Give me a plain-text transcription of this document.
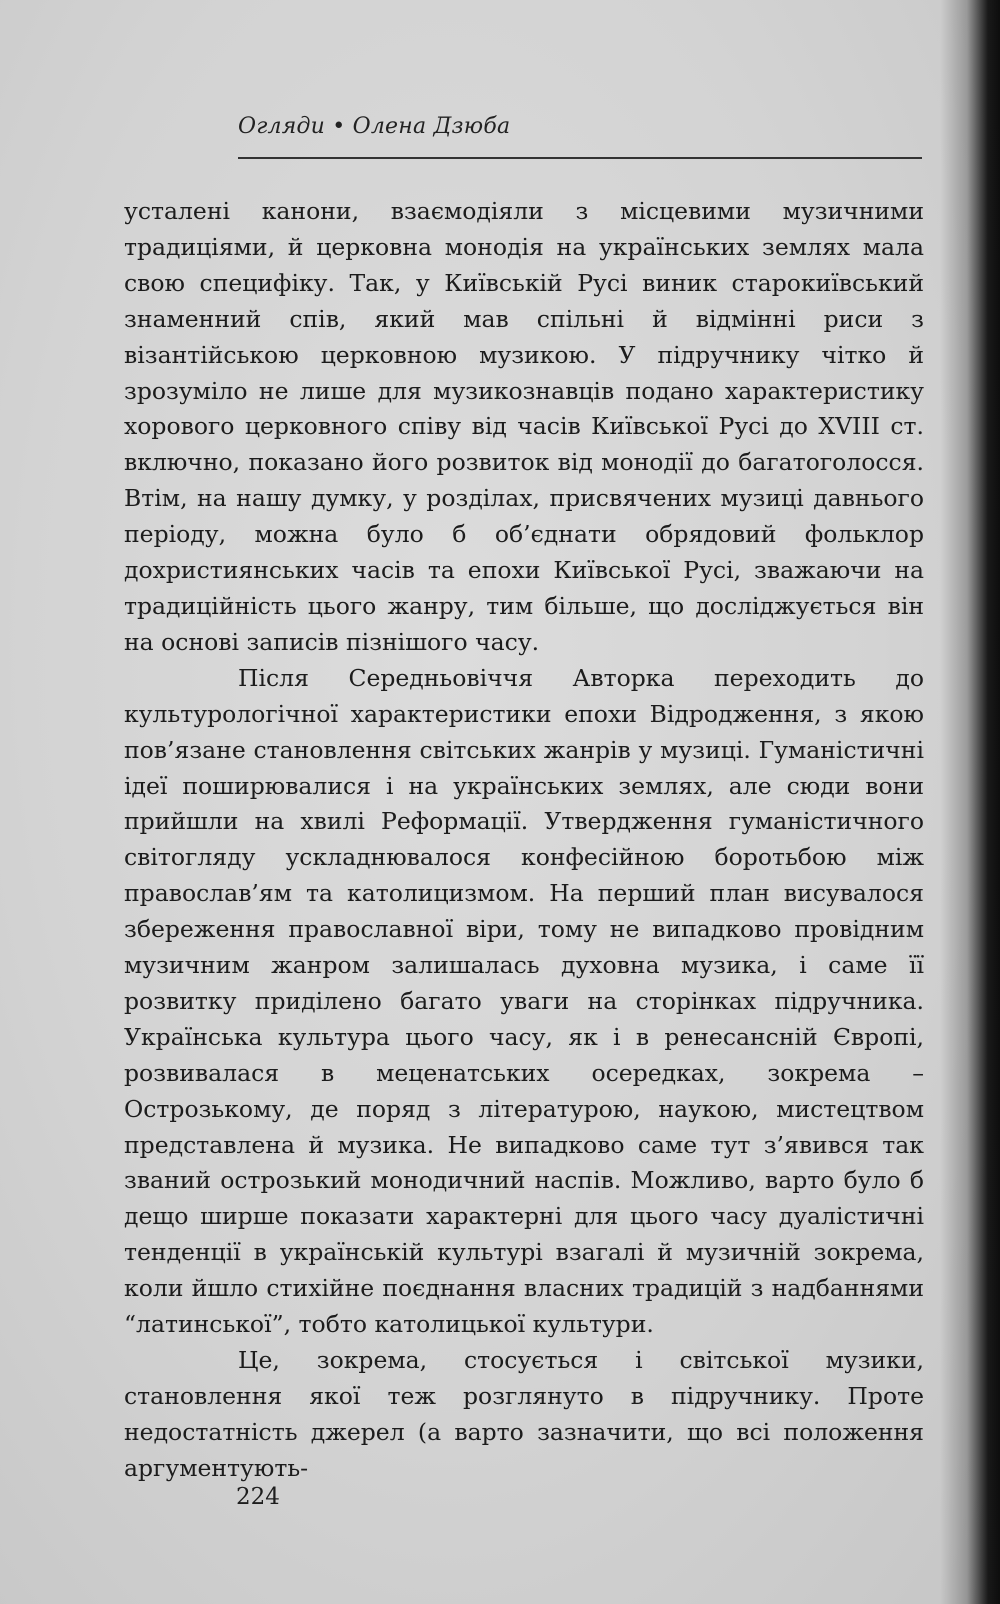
Огляди • Олена Дзюба

усталені канони, взаємодіяли з місцевими музичними традиціями, й церковна монодія на українських землях мала свою специфіку. Так, у Київській Русі виник старокиївський знаменний спів, який мав спільні й відмінні риси з візантійською церковною музикою. У підручнику чітко й зрозуміло не лише для музикознавців подано характеристику хорового церковного співу від часів Київської Русі до XVIII ст. включно, показано його розвиток від монодії до багатоголосся. Втім, на нашу думку, у розділах, присвячених музиці давнього періоду, можна було б об’єднати обрядовий фольклор дохристиянських часів та епохи Київської Русі, зважаючи на традиційність цього жанру, тим більше, що досліджується він на основі записів пізнішого часу.

Після Середньовіччя Авторка переходить до культурологічної характеристики епохи Відродження, з якою пов’язане становлення світських жанрів у музиці. Гуманістичні ідеї поширювалися і на українських землях, але сюди вони прийшли на хвилі Реформації. Утвердження гуманістичного світогляду ускладнювалося конфесійною боротьбою між православ’ям та католицизмом. На перший план висувалося збереження православної віри, тому не випадково провідним музичним жанром залишалась духовна музика, і саме її розвитку приділено багато уваги на сторінках підручника. Українська культура цього часу, як і в ренесансній Європі, розвивалася в меценатських осередках, зокрема – Острозькому, де поряд з літературою, наукою, мистецтвом представлена й музика. Не випадково саме тут з’явився так званий острозький монодичний наспів. Можливо, варто було б дещо ширше показати характерні для цього часу дуалістичні тенденції в українській культурі взагалі й музичній зокрема, коли йшло стихійне поєднання власних традицій з надбаннями “латинської”, тобто католицької культури.

Це, зокрема, стосується і світської музики, становлення якої теж розглянуто в підручнику. Проте недостатність джерел (а варто зазначити, що всі положення аргументують-

224
